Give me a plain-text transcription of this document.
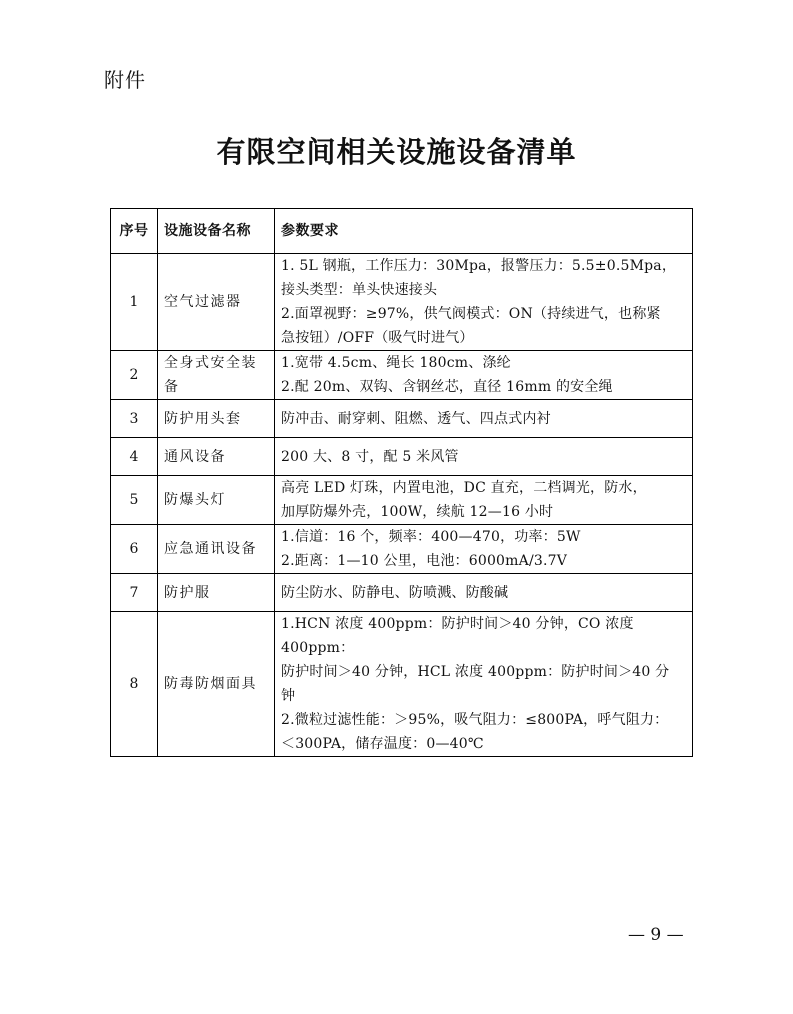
附件
有限空间相关设施设备清单
序号	设施设备名称	参数要求
1	空气过滤器	1. 5L 钢瓶，工作压力：30Mpa，报警压力：5.5±0.5Mpa，
接头类型：单头快速接头
2.面罩视野：≥97%，供气阀模式：ON（持续进气，也称紧
急按钮）/OFF（吸气时进气）

2	全身式安全装备	1.宽带 4.5cm、绳长 180cm、涤纶
2.配 20m、双钩、含钢丝芯，直径 16mm 的安全绳

3	防护用头套	防冲击、耐穿刺、阻燃、透气、四点式内衬

4	通风设备	200 大、8 寸，配 5 米风管

5	防爆头灯	高亮 LED 灯珠，内置电池，DC 直充，二档调光，防水，
加厚防爆外壳，100W，续航 12—16 小时

6	应急通讯设备	1.信道：16 个，频率：400—470，功率：5W
2.距离：1—10 公里，电池：6000mA/3.7V

7	防护服	防尘防水、防静电、防喷溅、防酸碱

8	防毒防烟面具	1.HCN 浓度 400ppm：防护时间＞40 分钟，CO 浓度 400ppm：
防护时间＞40 分钟，HCL 浓度 400ppm：防护时间＞40 分
钟
2.微粒过滤性能：＞95%，吸气阻力：≤800PA，呼气阻力：
＜300PA，储存温度：0—40℃
— 9 —
